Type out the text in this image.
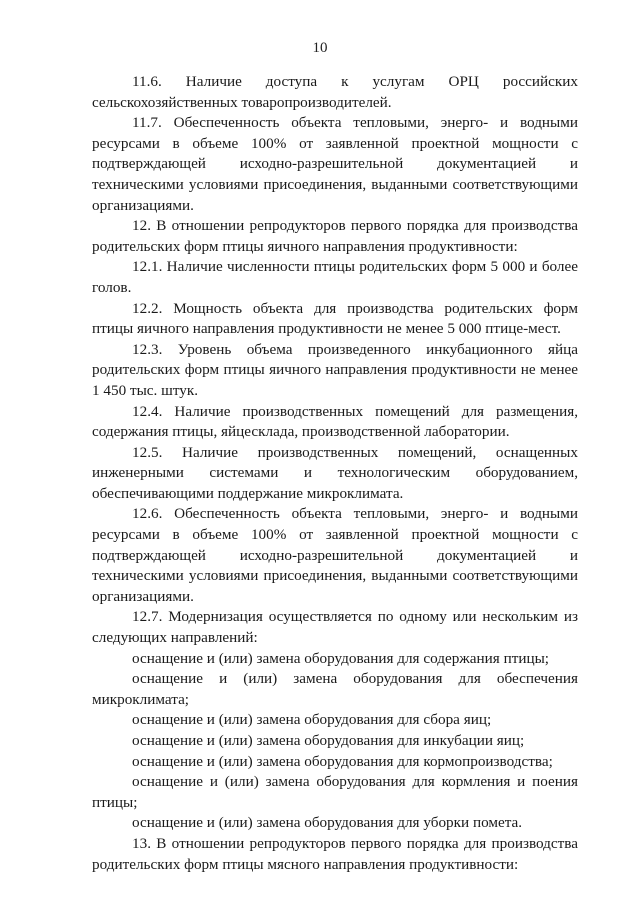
10

11.6. Наличие доступа к услугам ОРЦ российских сельскохозяйственных товаропроизводителей.

11.7. Обеспеченность объекта тепловыми, энерго- и водными ресурсами в объеме 100% от заявленной проектной мощности с подтверждающей исходно-разрешительной документацией и техническими условиями присоединения, выданными соответствующими организациями.

12. В отношении репродукторов первого порядка для производства родительских форм птицы яичного направления продуктивности:

12.1. Наличие численности птицы родительских форм 5 000 и более голов.

12.2. Мощность объекта для производства родительских форм птицы яичного направления продуктивности не менее 5 000 птице-мест.

12.3. Уровень объема произведенного инкубационного яйца родительских форм птицы яичного направления продуктивности не менее 1 450 тыс. штук.

12.4. Наличие производственных помещений для размещения, содержания птицы, яйцесклада, производственной лаборатории.

12.5. Наличие производственных помещений, оснащенных инженерными системами и технологическим оборудованием, обеспечивающими поддержание микроклимата.

12.6. Обеспеченность объекта тепловыми, энерго- и водными ресурсами в объеме 100% от заявленной проектной мощности с подтверждающей исходно-разрешительной документацией и техническими условиями присоединения, выданными соответствующими организациями.

12.7. Модернизация осуществляется по одному или нескольким из следующих направлений:

оснащение и (или) замена оборудования для содержания птицы;

оснащение и (или) замена оборудования для обеспечения микроклимата;

оснащение и (или) замена оборудования для сбора яиц;

оснащение и (или) замена оборудования для инкубации яиц;

оснащение и (или) замена оборудования для кормопроизводства;

оснащение и (или) замена оборудования для кормления и поения птицы;

оснащение и (или) замена оборудования для уборки помета.

13. В отношении репродукторов первого порядка для производства родительских форм птицы мясного направления продуктивности:
